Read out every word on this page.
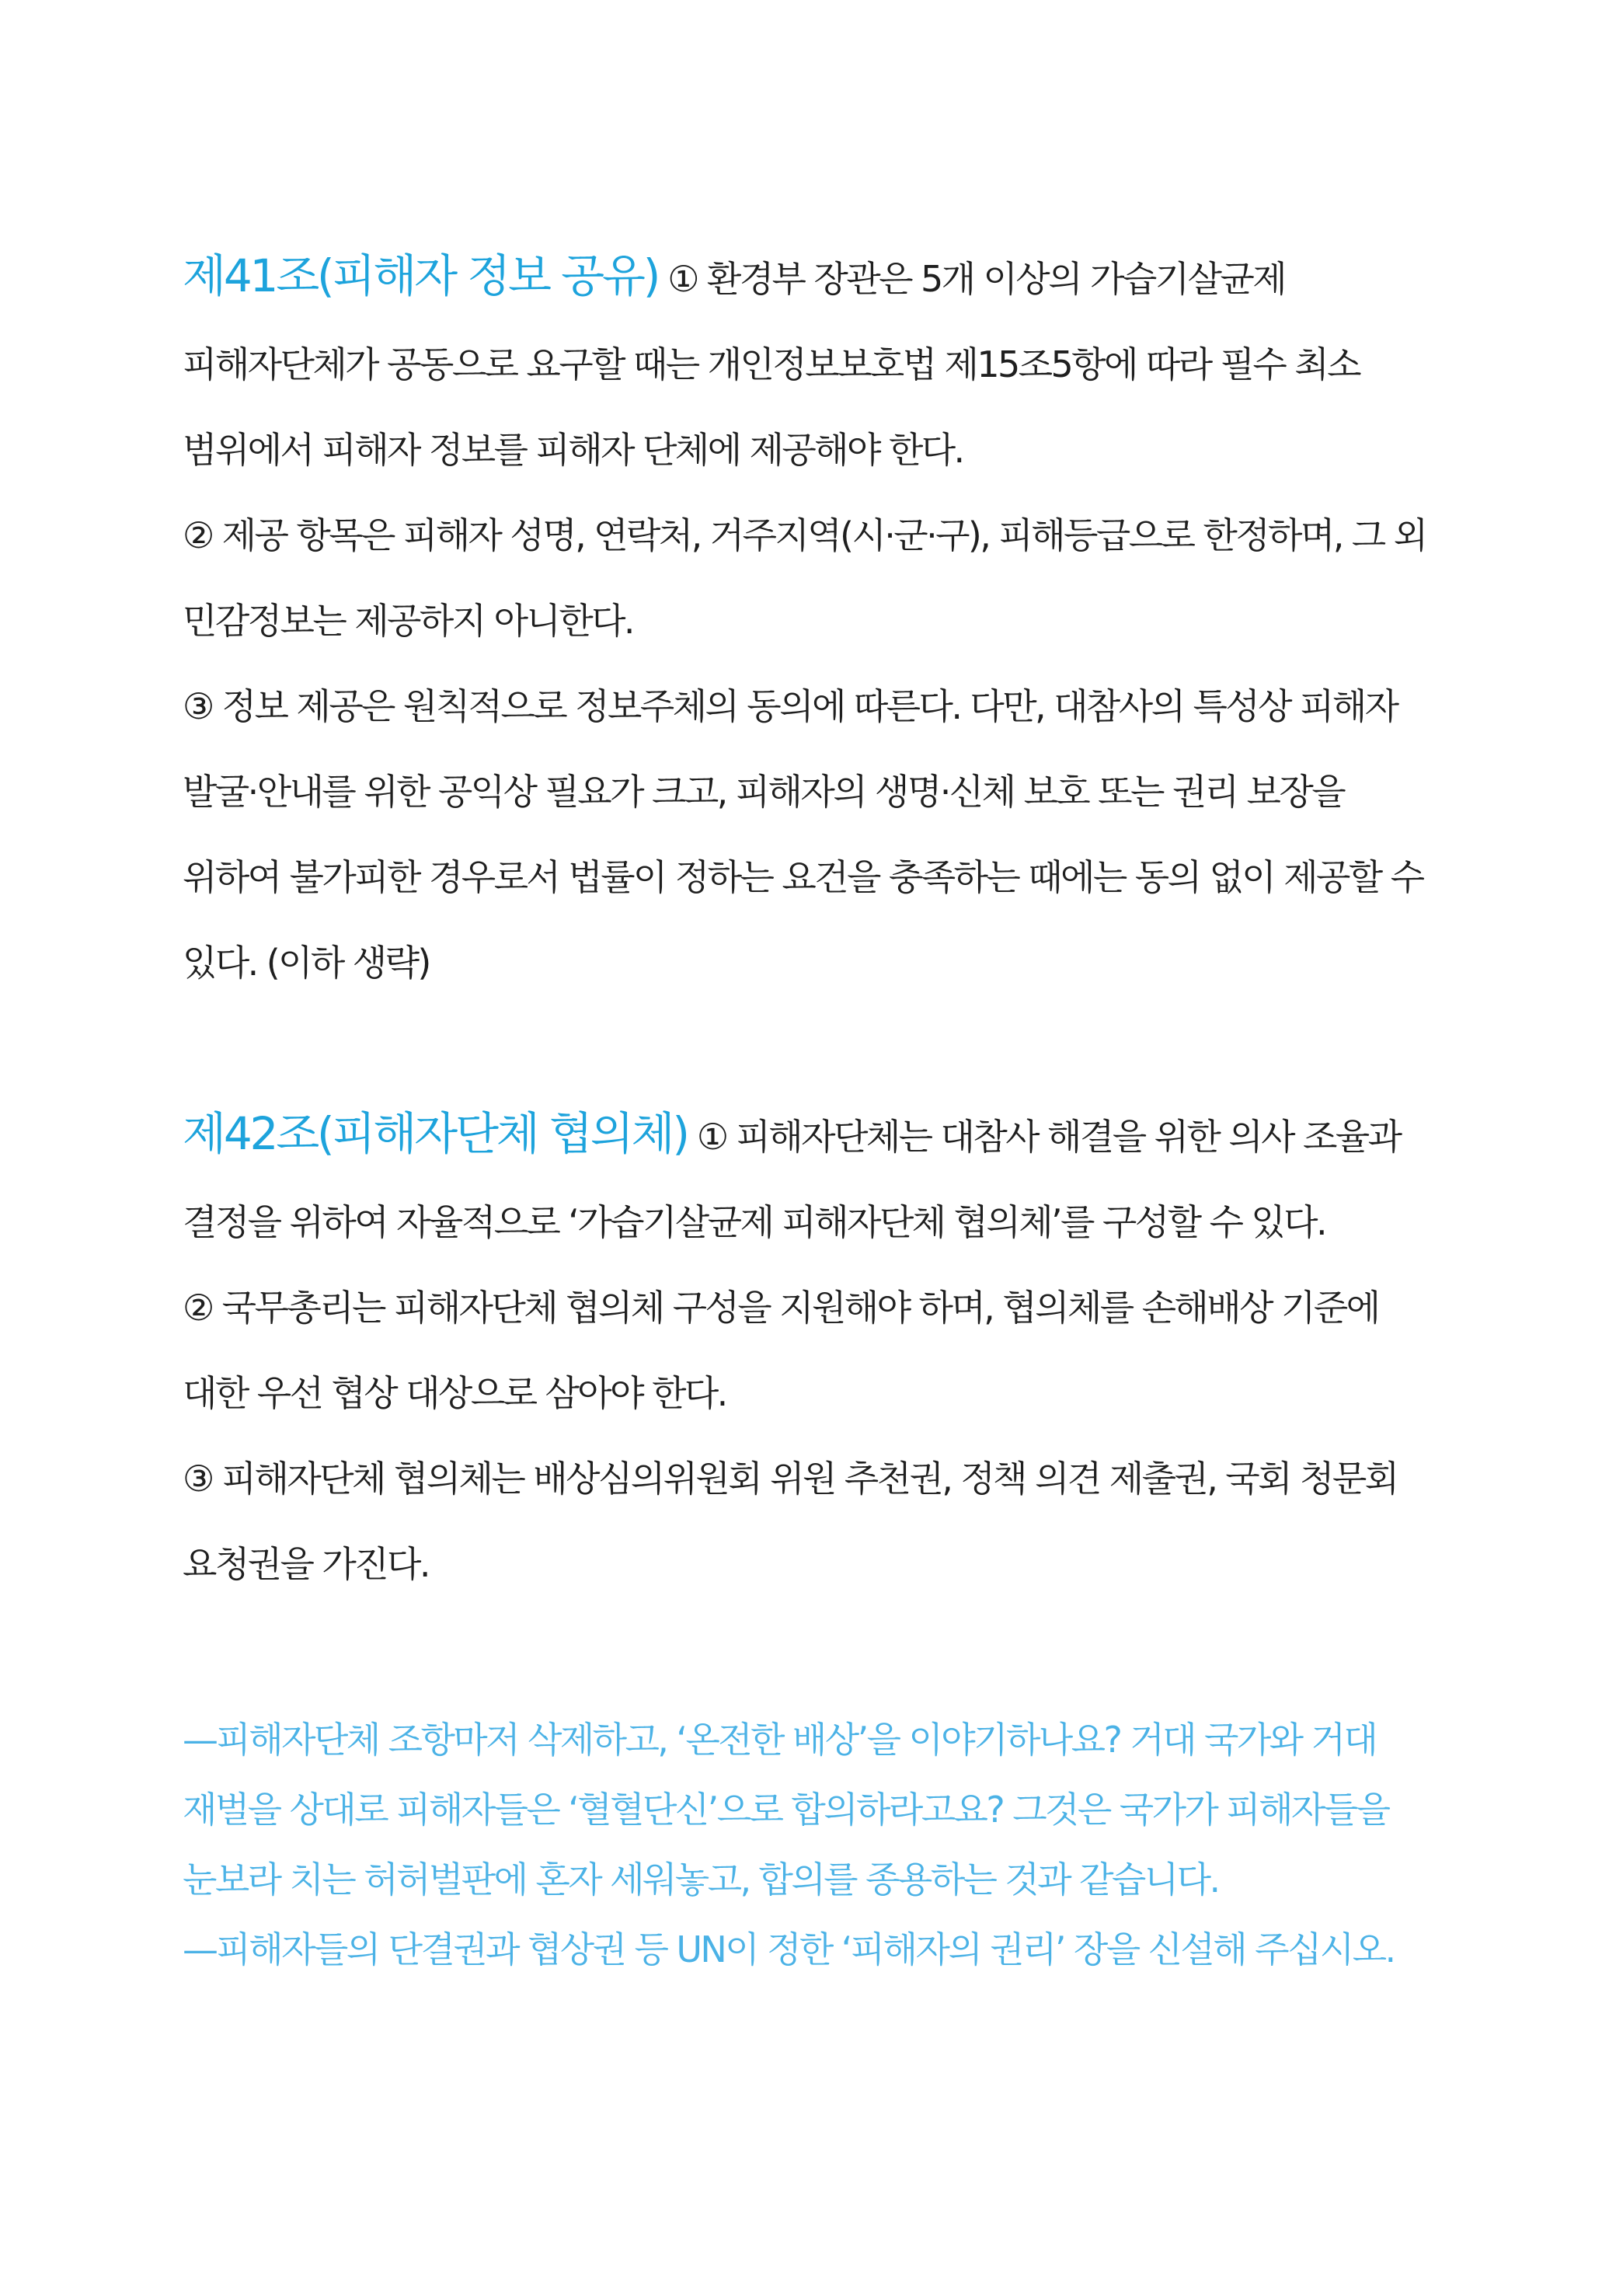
제41조(피해자 정보 공유) ① 환경부 장관은 5개 이상의 가습기살균제 피해자단체가 공동으로 요구할 때는 개인정보보호법 제15조5항에 따라 필수 최소 범위에서 피해자 정보를 피해자 단체에 제공해야 한다.

② 제공 항목은 피해자 성명, 연락처, 거주지역(시·군·구), 피해등급으로 한정하며, 그 외 민감정보는 제공하지 아니한다.

③ 정보 제공은 원칙적으로 정보주체의 동의에 따른다. 다만, 대참사의 특성상 피해자 발굴·안내를 위한 공익상 필요가 크고, 피해자의 생명·신체 보호 또는 권리 보장을 위하여 불가피한 경우로서 법률이 정하는 요건을 충족하는 때에는 동의 없이 제공할 수 있다. (이하 생략)

제42조(피해자단체 협의체) ① 피해자단체는 대참사 해결을 위한 의사 조율과 결정을 위하여 자율적으로 ‘가습기살균제 피해자단체 협의체’를 구성할 수 있다.

② 국무총리는 피해자단체 협의체 구성을 지원해야 하며, 협의체를 손해배상 기준에 대한 우선 협상 대상으로 삼아야 한다.

③ 피해자단체 협의체는 배상심의위원회 위원 추천권, 정책 의견 제출권, 국회 청문회 요청권을 가진다.

—피해자단체 조항마저 삭제하고, ‘온전한 배상’을 이야기하나요? 거대 국가와 거대 재벌을 상대로 피해자들은 ‘혈혈단신’으로 합의하라고요? 그것은 국가가 피해자들을 눈보라 치는 허허벌판에 혼자 세워놓고, 합의를 종용하는 것과 같습니다.

—피해자들의 단결권과 협상권 등 UN이 정한 ‘피해자의 권리’ 장을 신설해 주십시오.
